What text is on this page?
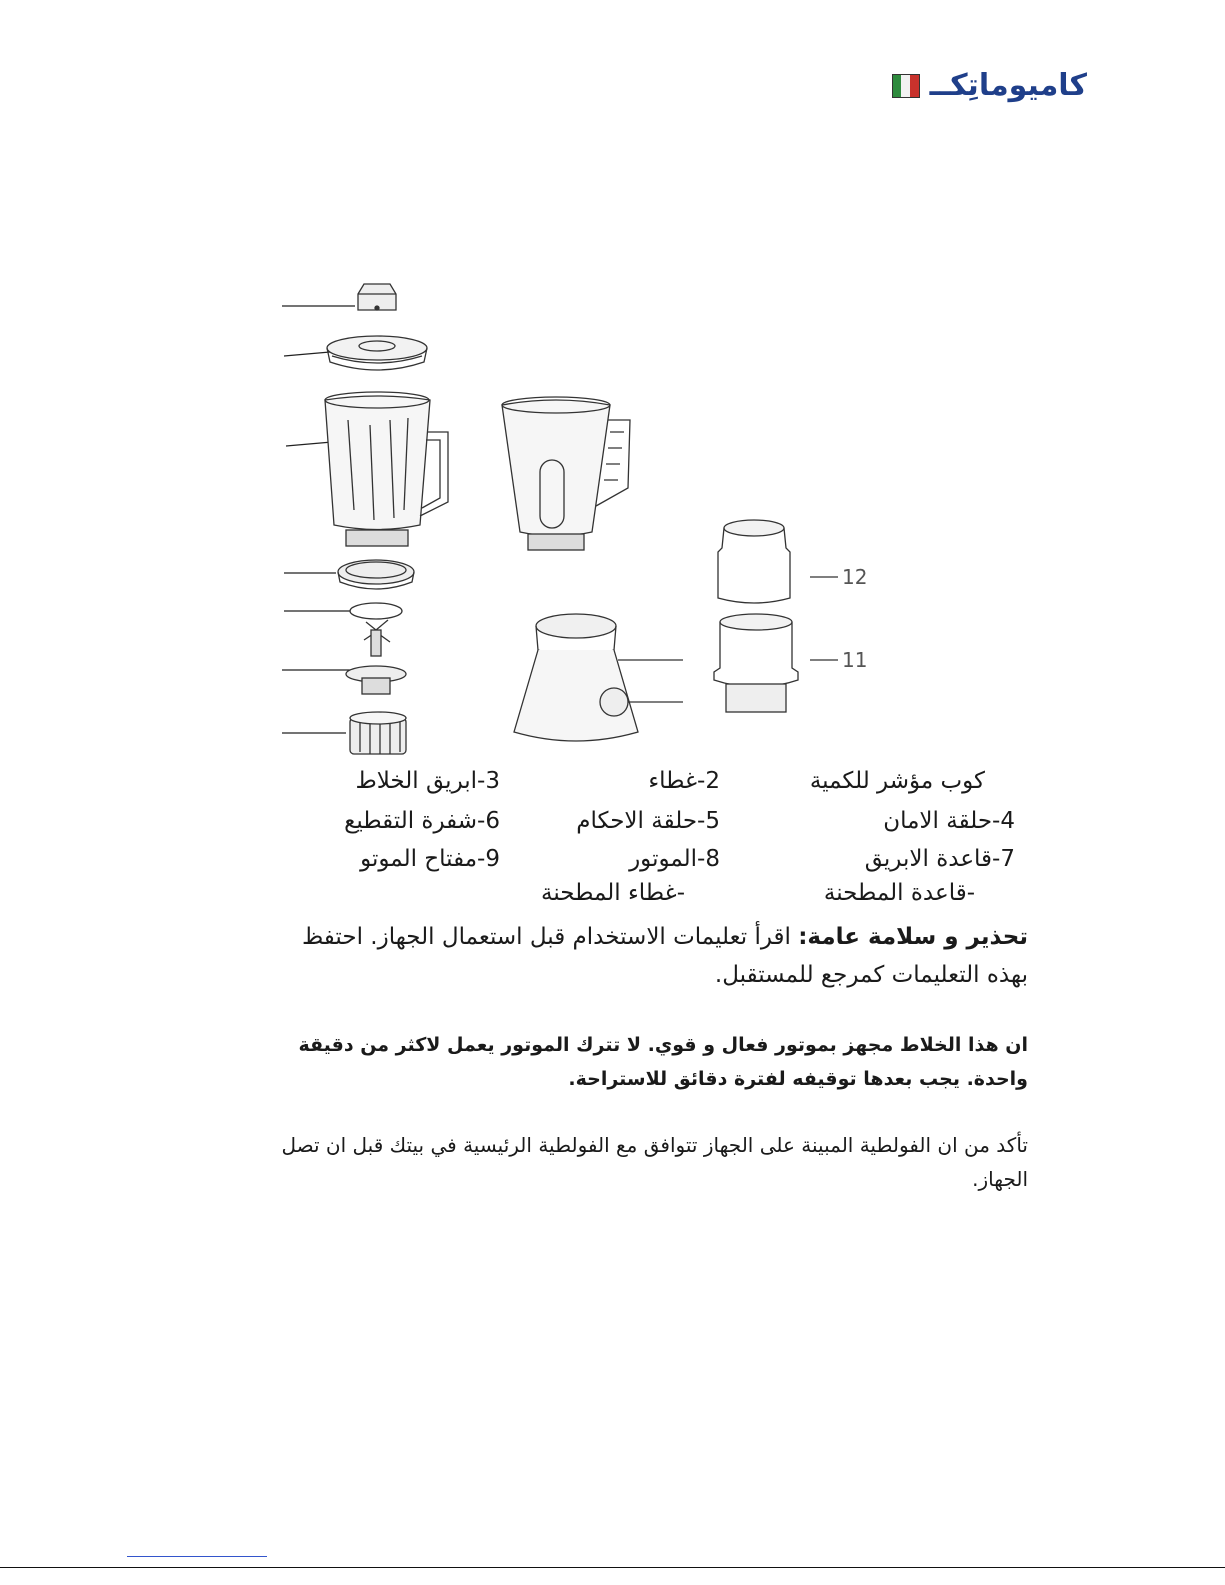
كاميوماتِكــ
12
11
3-ابريق الخلاط	2-غطاء	كوب مؤشر للكمية
6-شفرة التقطيع	5-حلقة الاحكام	4-حلقة الامان
9-مفتاح الموتو	8-الموتور	7-قاعدة الابريق
-غطاء المطحنة	-قاعدة المطحنة
تحذير و سلامة عامة: اقرأ تعليمات الاستخدام قبل استعمال الجهاز. احتفظ بهذه التعليمات كمرجع للمستقبل.
ان هذا الخلاط مجهز بموتور فعال و قوي. لا تترك الموتور يعمل لاكثر من دقيقة واحدة. يجب بعدها توقيفه لفترة دقائق للاستراحة.
تأكد من ان الفولطية المبينة على الجهاز تتوافق مع الفولطية الرئيسية في بيتك قبل ان تصل الجهاز.
